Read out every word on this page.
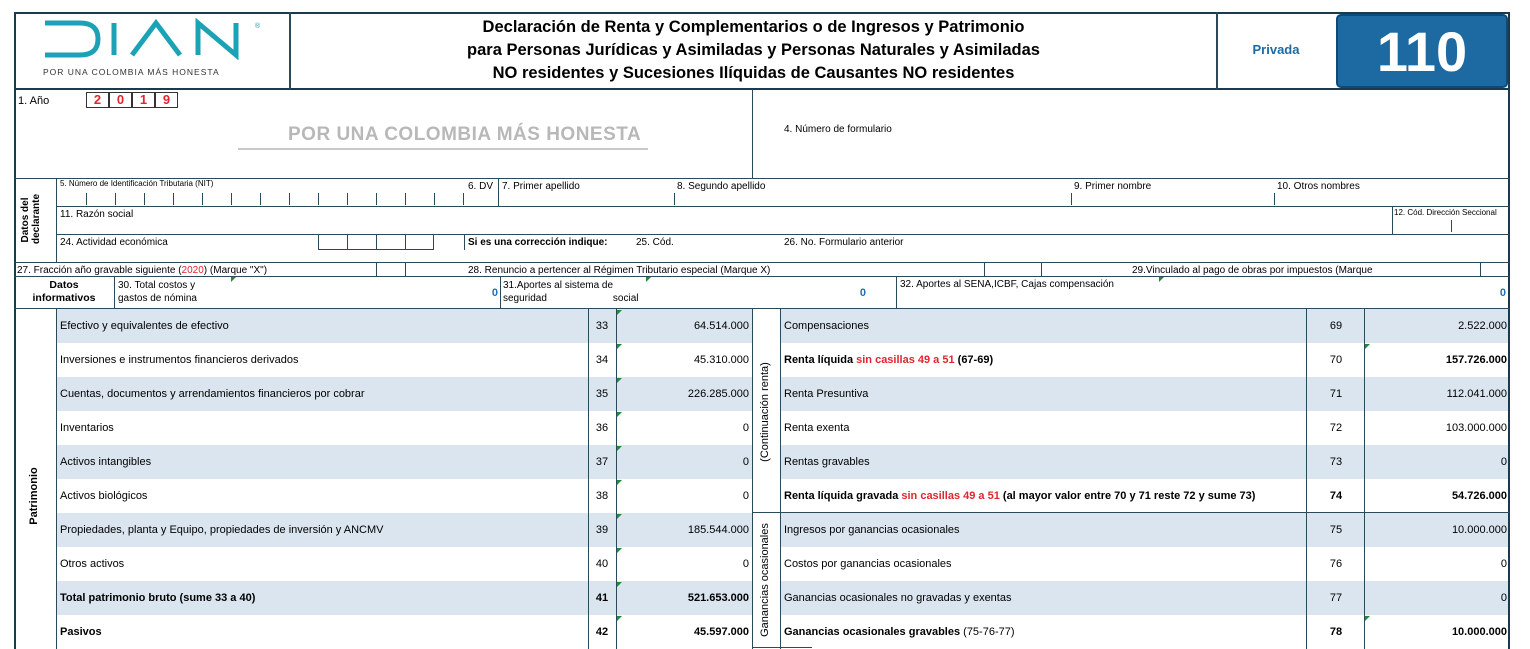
®
POR UNA COLOMBIA MÁS HONESTA
Declaración de Renta y Complementarios o de Ingresos y Patrimonio
para Personas Jurídicas y Asimiladas y Personas Naturales y Asimiladas
NO residentes y Sucesiones Ilíquidas de Causantes NO residentes
Privada	110
1. Año	2	0	1	9
POR UNA COLOMBIA MÁS HONESTA	4. Número de formulario
Datos del declarante
5. Número de Identificación Tributaria (NIT)	6. DV 7. Primer apellido	8. Segundo apellido	9. Primer nombre	10. Otros nombres
11. Razón social	12. Cód. Dirección Seccional
24. Actividad económica	Si es una corrección indique:	25. Cód.	26. No. Formulario anterior
27. Fracción año gravable siguiente (2020) (Marque "X")	28. Renuncio a pertencer al Régimen Tributario especial (Marque X)	29.Vinculado al pago de obras por impuestos (Marque
Datos
informativos
30. Total costos y
gastos de nómina	0
31.Aportes al sistema de
seguridad	social	0
32. Aportes al SENA,ICBF, Cajas compensación
0
Efectivo y equivalentes de efectivo	33	64.514.000	Compensaciones	69	2.522.000
Inversiones e instrumentos financieros derivados	34	45.310.000	Renta líquida sin casillas 49 a 51 (67-69)	70	157.726.000
Cuentas, documentos y arrendamientos financieros por cobrar	35	226.285.000	Renta Presuntiva	71	112.041.000
Inventarios	36	0	Renta exenta	72	103.000.000
Activos intangibles	37	0	Rentas gravables	73	0
Activos biológicos	38	0	Renta líquida gravada sin casillas 49 a 51 (al mayor valor entre 70 y 71 reste 72 y sume 73)	74	54.726.000
Propiedades, planta y Equipo, propiedades de inversión y ANCMV	39	185.544.000	Ingresos por ganancias ocasionales	75	10.000.000
Otros activos	40	0	Costos por ganancias ocasionales	76	0
Total patrimonio bruto (sume 33 a 40)	41	521.653.000	Ganancias ocasionales no gravadas y exentas	77	0
Pasivos	42	45.597.000	Ganancias ocasionales gravables (75-76-77)	78	10.000.000
Patrimonio
(Continuación renta)
Ganancias ocasionales
